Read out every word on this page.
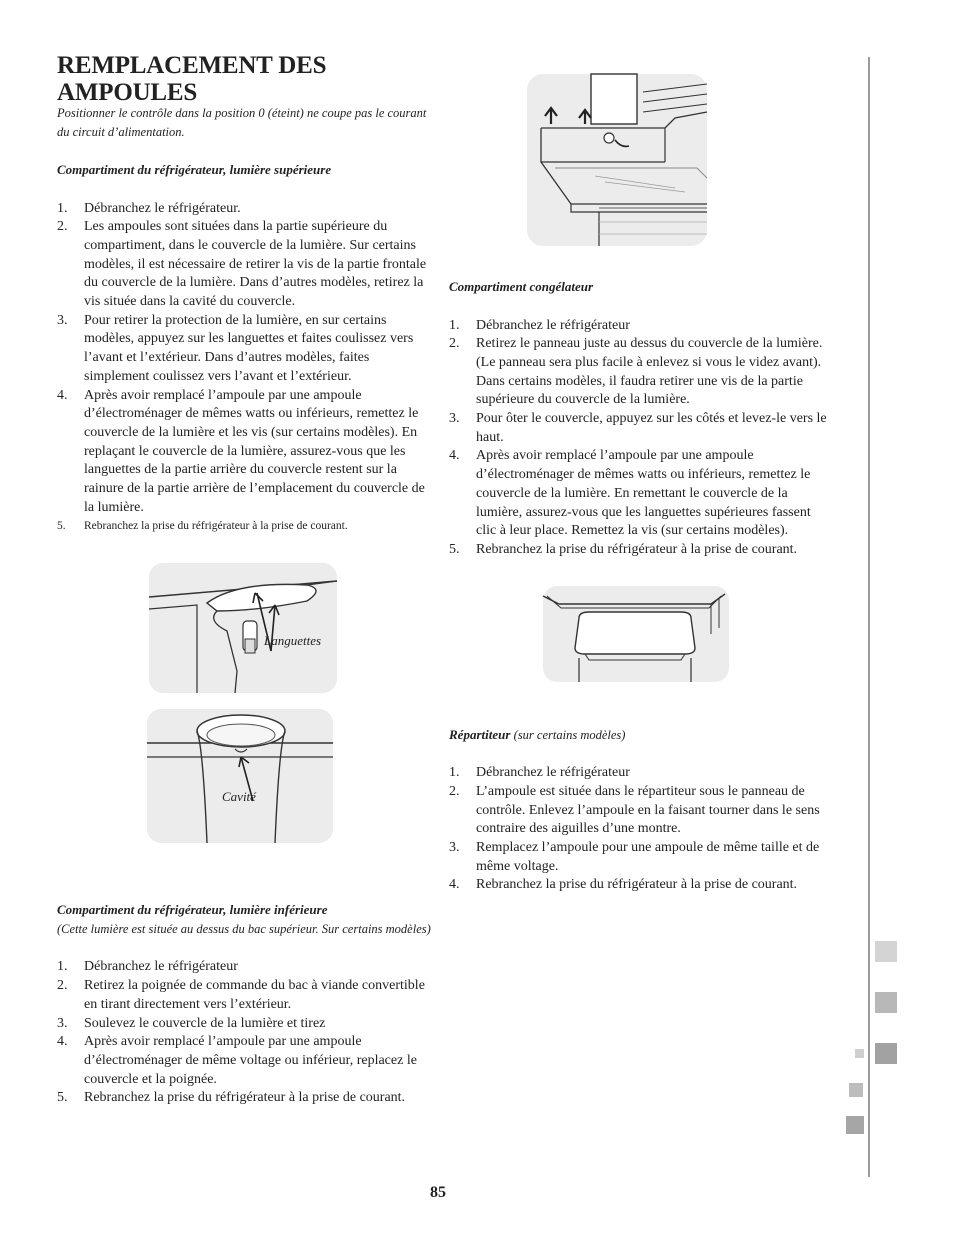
REMPLACEMENT DES AMPOULES

Positionner le contrôle dans la position 0 (éteint) ne coupe pas le courant du circuit d’alimentation.

Compartiment du réfrigérateur, lumière supérieure

1. Débranchez le réfrigérateur.
2. Les ampoules sont situées dans la partie supérieure du compartiment, dans le couvercle de la lumière. Sur certains modèles, il est nécessaire de retirer la vis de la partie frontale du couvercle de la lumière. Dans d’autres modèles, retirez la vis située dans la cavité du couvercle.
3. Pour retirer la protection de la lumière, en sur certains modèles, appuyez sur les languettes et faites coulissez vers l’avant et l’extérieur. Dans d’autres modèles, faites simplement coulissez vers l’avant et l’extérieur.
4. Après avoir remplacé l’ampoule par une ampoule d’électroménager de mêmes watts ou inférieurs, remettez le couvercle de la lumière et les vis (sur certains modèles). En replaçant le couvercle de la lumière, assurez-vous que les languettes de la partie arrière du couvercle restent sur la rainure de la partie arrière de l’emplacement du couvercle de la lumière.
5. Rebranchez la prise du réfrigérateur à la prise de courant.
Languettes
Cavité

Compartiment du réfrigérateur, lumière inférieure

(Cette lumière est située au dessus du bac supérieur. Sur certains modèles)

1. Débranchez le réfrigérateur
2. Retirez la poignée de commande du bac à viande convertible en tirant directement vers l’extérieur.
3. Soulevez le couvercle de la lumière et tirez
4. Après avoir remplacé l’ampoule par une ampoule d’électroménager de même voltage ou inférieur, replacez le couvercle et la poignée.
5. Rebranchez la prise du réfrigérateur à la prise de courant.

Compartiment congélateur

1. Débranchez le réfrigérateur
2. Retirez le panneau juste au dessus du couvercle de la lumière. (Le panneau sera plus facile à enlevez si vous le videz avant). Dans certains modèles, il faudra retirer une vis de la partie supérieure du couvercle de la lumière.
3. Pour ôter le couvercle, appuyez sur les côtés et levez-le vers le haut.
4. Après avoir remplacé l’ampoule par une ampoule d’électroménager de mêmes watts ou inférieurs, remettez le couvercle de la lumière. En remettant le couvercle de la lumière, assurez-vous que les languettes supérieures fassent clic à leur place. Remettez la vis (sur certains modèles).
5. Rebranchez la prise du réfrigérateur à la prise de courant.

Répartiteur (sur certains modèles)

1. Débranchez le réfrigérateur
2. L’ampoule est située dans le répartiteur sous le panneau de contrôle. Enlevez l’ampoule en la faisant tourner dans le sens contraire des aiguilles d’une montre.
3. Remplacez l’ampoule pour une ampoule de même taille et de même voltage.
4. Rebranchez la prise du réfrigérateur à la prise de courant.
85
